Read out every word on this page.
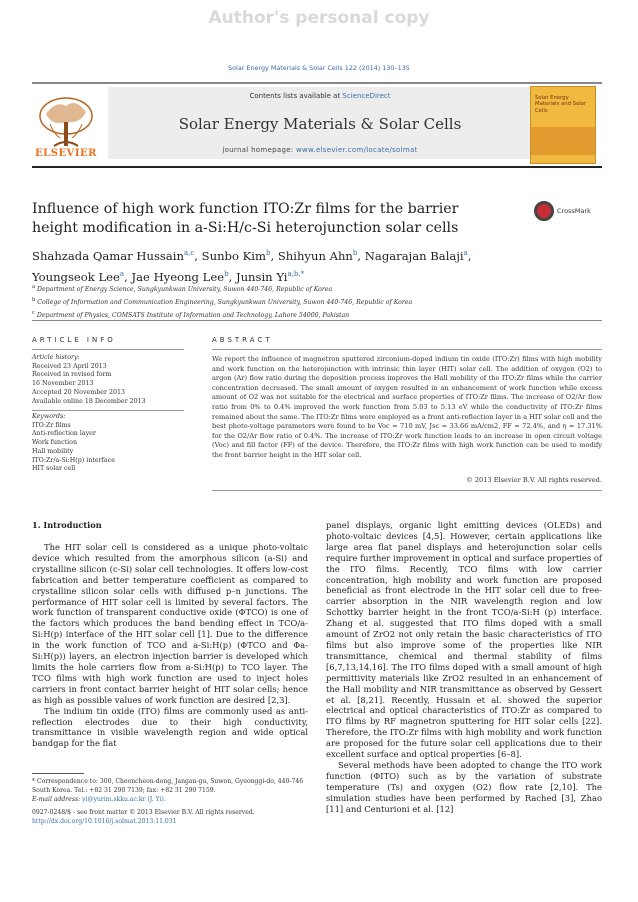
Author's personal copy
Solar Energy Materials & Solar Cells 122 (2014) 130–135
Contents lists available at ScienceDirect
Solar Energy Materials & Solar Cells
journal homepage: www.elsevier.com/locate/solmat
ELSEVIER
Solar Energy Materials and Solar Cells
Influence of high work function ITO:Zr films for the barrier height modification in a-Si:H/c-Si heterojunction solar cells
CrossMark
Shahzada Qamar Hussain$^{a,c}$, Sunbo Kim$^b$, Shihyun Ahn$^b$, Nagarajan Balaji$^a$,
Youngseok Lee$^a$, Jae Hyeong Lee$^b$, Junsin $Yi^{a,b,*}$
$^a$ Department of Energy Science, Sungkyunkwan University, Suwon 440-746, Republic of Korea
$^b$ College of Information and Communication Engineering, Sungkyunkwan University, Suwon 440-746, Republic of Korea
$^c$ Department of Physics, COMSATS Institute of Information and Technology, Lahore 54000, Pakistan
ARTICLE INFO	ABSTRACT
Article history:
Received 23 April 2013
Received in revised form
16 November 2013
Accepted 20 November 2013
Available online 18 December 2013
Keywords:
ITO:Zr films
Anti-reflection layer
Work function
Hall mobility
ITO:Zr/a-Si:H(p) interface
HIT solar cell
We report the influence of magnetron sputtered zirconium-doped indium tin oxide (ITO:Zr) films with high mobility and work function on the heterojunction with intrinsic thin layer (HIT) solar cell. The addition of oxygen (O2) to argon (Ar) flow ratio during the deposition process improves the Hall mobility of the ITO:Zr films while the carrier concentration decreased. The small amount of oxygen resulted in an enhancement of work function while excess amount of O2 was not suitable for the electrical and surface properties of ITO:Zr films. The increase of O2/Ar flow ratio from 0% to 0.4% improved the work function from 5.03 to 5.13 eV while the conductivity of ITO:Zr films remained about the same. The ITO:Zr films were employed as a front anti-reflection layer in a HIT solar cell and the best photo-voltage parameters were found to be Voc = 710 mV, Jsc = 33.66 mA/cm2, FF = 72.4%, and η = 17.31% for the O2/Ar flow ratio of 0.4%. The increase of ITO:Zr work function leads to an increase in open circuit voltage (Voc) and fill factor (FF) of the device. Therefore, the ITO:Zr films with high work function can be used to modify the front barrier height in the HIT solar cell.
© 2013 Elsevier B.V. All rights reserved.
1. Introduction

The HIT solar cell is considered as a unique photo-voltaic device which resulted from the amorphous silicon (a-Si) and crystalline silicon (c-Si) solar cell technologies. It offers low-cost fabrication and better temperature coefficient as compared to crystalline silicon solar cells with diffused p–n junctions. The performance of HIT solar cell is limited by several factors. The work function of transparent conductive oxide (ΦTCO) is one of the factors which produces the band bending effect in TCO/a-Si:H(p) interface of the HIT solar cell [1]. Due to the difference in the work function of TCO and a-Si:H(p) (ΦTCO and Φa-Si:H(p)) layers, an electron injection barrier is developed which limits the hole carriers flow from a-Si:H(p) to TCO layer. The TCO films with high work function are used to inject holes carriers in front contact barrier height of HIT solar cells; hence as high as possible values of work function are desired [2,3].

The indium tin oxide (ITO) films are commonly used as anti-reflection electrodes due to their high conductivity, transmittance in visible wavelength region and wide optical bandgap for the flat

panel displays, organic light emitting devices (OLEDs) and photo-voltaic devices [4,5]. However, certain applications like large area flat panel displays and heterojunction solar cells require further improvement in optical and surface properties of the ITO films. Recently, TCO films with low carrier concentration, high mobility and work function are proposed beneficial as front electrode in the HIT solar cell due to free-carrier absorption in the NIR wavelength region and low Schottky barrier height in the front TCO/a-Si:H (p) interface. Zhang et al. suggested that ITO films doped with a small amount of ZrO2 not only retain the basic characteristics of ITO films but also improve some of the properties like NIR transmittance, chemical and thermal stability of films [6,7,13,14,16]. The ITO films doped with a small amount of high permittivity materials like ZrO2 resulted in an enhancement of the Hall mobility and NIR transmittance as observed by Gessert et al. [8,21]. Recently, Hussain et al. showed the superior electrical and optical characteristics of ITO:Zr as compared to ITO films by RF magnetron sputtering for HIT solar cells [22]. Therefore, the ITO:Zr films with high mobility and work function are proposed for the future solar cell applications due to their excellent surface and optical properties [6–8].

Several methods have been adopted to change the ITO work function (ΦITO) such as by the variation of substrate temperature (Ts) and oxygen (O2) flow rate [2,10]. The simulation studies have been performed by Rached [3], Zhao [11] and Centurioni et al. [12]

* Correspondence to: 300, Cheoncheon-dong, Jangan-gu, Suwon, Gyeonggi-do, 440-746 South Korea. Tel.: +82 31 290 7139; fax: +82 31 290 7159.
E-mail address: yi@yurim.skku.ac.kr (J. Yi).
0927-0248/$ - see front matter © 2013 Elsevier B.V. All rights reserved.
http://dx.doi.org/10.1016/j.solmat.2013.11.031
